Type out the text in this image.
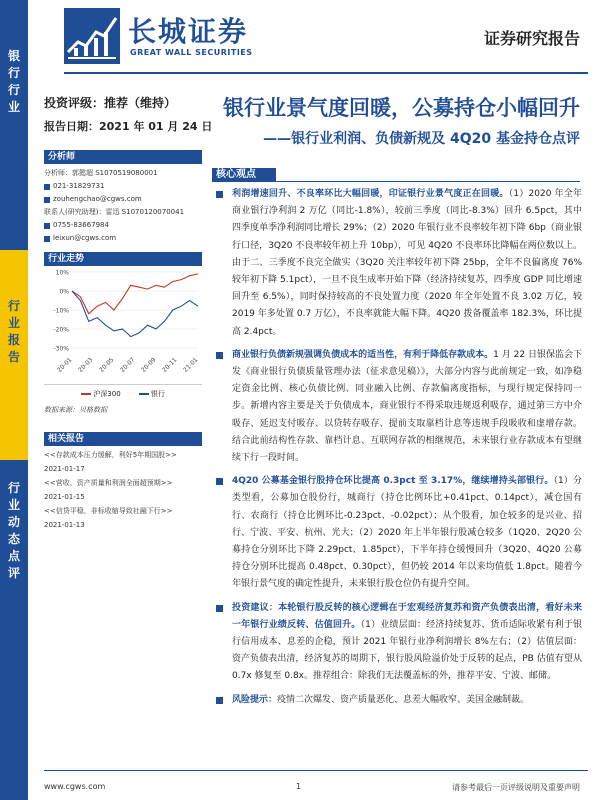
银
行
行
业
行
业
报
告
行
业
动
态
点
评
长城证券
GREAT WALL SECURITIES
证券研究报告
投资评级：推荐（维持）
报告日期：2021 年 01 月 24 日
银行业景气度回暖，公募持仓小幅回升
——银行业利润、负债新规及 4Q20 基金持仓点评
分析师
分析师：郭懿超 S1070519080001
021-31829731
zouhengchao@cgws.com
联系人(研究助理)：雷迅 S1070120070041
0755-83667984
leixun@cgws.com
行业走势
10%
0%
-10%
-20%
-30%
20-01 20-03 20-05 20-07 20-09 20-11 21-01
沪深300	银行
数据来源：贝格数据
相关报告
<<存款成本压力缓解，利好5年期国股>>
2021-01-17
<<营收、资产质量和利润全面超预期>>
2021-01-15
<<信贷平稳，非标收缩导致社融下行>>
2021-01-13
核心观点
利润增速回升、不良率环比大幅回暖，印证银行业景气度正在回暖。（1）2020 年全年商业银行净利润 2 万亿（同比-1.8%），较前三季度（同比-8.3%）回升 6.5pct，其中四季度单季净利润同比增长 29%；（2）2020 年银行业不良率较年初下降 6bp（商业银行口径，3Q20 不良率较年初上升 10bp），可见 4Q20 不良率环比降幅在两位数以上。由于二、三季度不良完全做实（3Q20 关注率较年初下降 25bp，全年不良偏离度 76%较年初下降 5.1pct），一旦不良生成率开始下降（经济持续复苏，四季度 GDP 同比增速回升至 6.5%），同时保持较高的不良处置力度（2020 年全年处置不良 3.02 万亿，较 2019 年多处置 0.7 万亿），不良率就能大幅下降。4Q20 拨备覆盖率 182.3%，环比提高 2.4pct。
商业银行负债新规强调负债成本的适当性，有利于降低存款成本。1 月 22 日银保监会下发《商业银行负债质量管理办法（征求意见稿）》，大部分内容与此前规定一致，如净稳定资金比例、核心负债比例、同业融入比例、存款偏离度指标，与现行规定保持同一步。新增内容主要是关于负债成本，商业银行不得采取违规返利吸存，通过第三方中介吸存、延迟支付吸存、以贷转存吸存、提前支取靠档计息等违规手段吸收和虚增存款。结合此前结构性存款、靠档计息、互联网存款的相继规范，未来银行业存款成本有望继续下行一段时间。
4Q20 公募基金银行股持仓环比提高 0.3pct 至 3.17%，继续增持头部银行。（1）分类型看，公募加仓股份行，城商行（持仓比例环比+0.41pct、0.14pct），减仓国有行、农商行（持仓比例环比-0.23pct、-0.02pct）；从个股看，加仓较多的是兴业、招行、宁波、平安、杭州、光大；（2）2020 年上半年银行股减仓较多（1Q20、2Q20 公募持仓分别环比下降 2.29pct、1.85pct），下半年持仓缓慢回升（3Q20、4Q20 公募持仓分别环比提高 0.48pct、0.30pct），但仍较 2014 年以来均值低 1.8pct。随着今年银行景气度的确定性提升，未来银行股仓位仍有提升空间。
投资建议：本轮银行股反转的核心逻辑在于宏观经济复苏和资产负债表出清，看好未来一年银行业绩反转、估值回升。（1）业绩层面：经济持续复苏、货币适际收紧有利于银行信用成本、息差的企稳，预计 2021 年银行业净利润增长 8%左右；（2）估值层面：资产负债表出清，经济复苏的周期下，银行股风险溢价处于反转的起点，PB 估值有望从 0.7x 修复至 0.8x。推荐组合：除我们无法覆盖标的外，推荐平安、宁波、邮储。
风险提示：疫情二次爆发、资产质量恶化、息差大幅收窄、美国金融制裁。
www.cgws.com	1	请参考最后一页评级说明及重要声明
